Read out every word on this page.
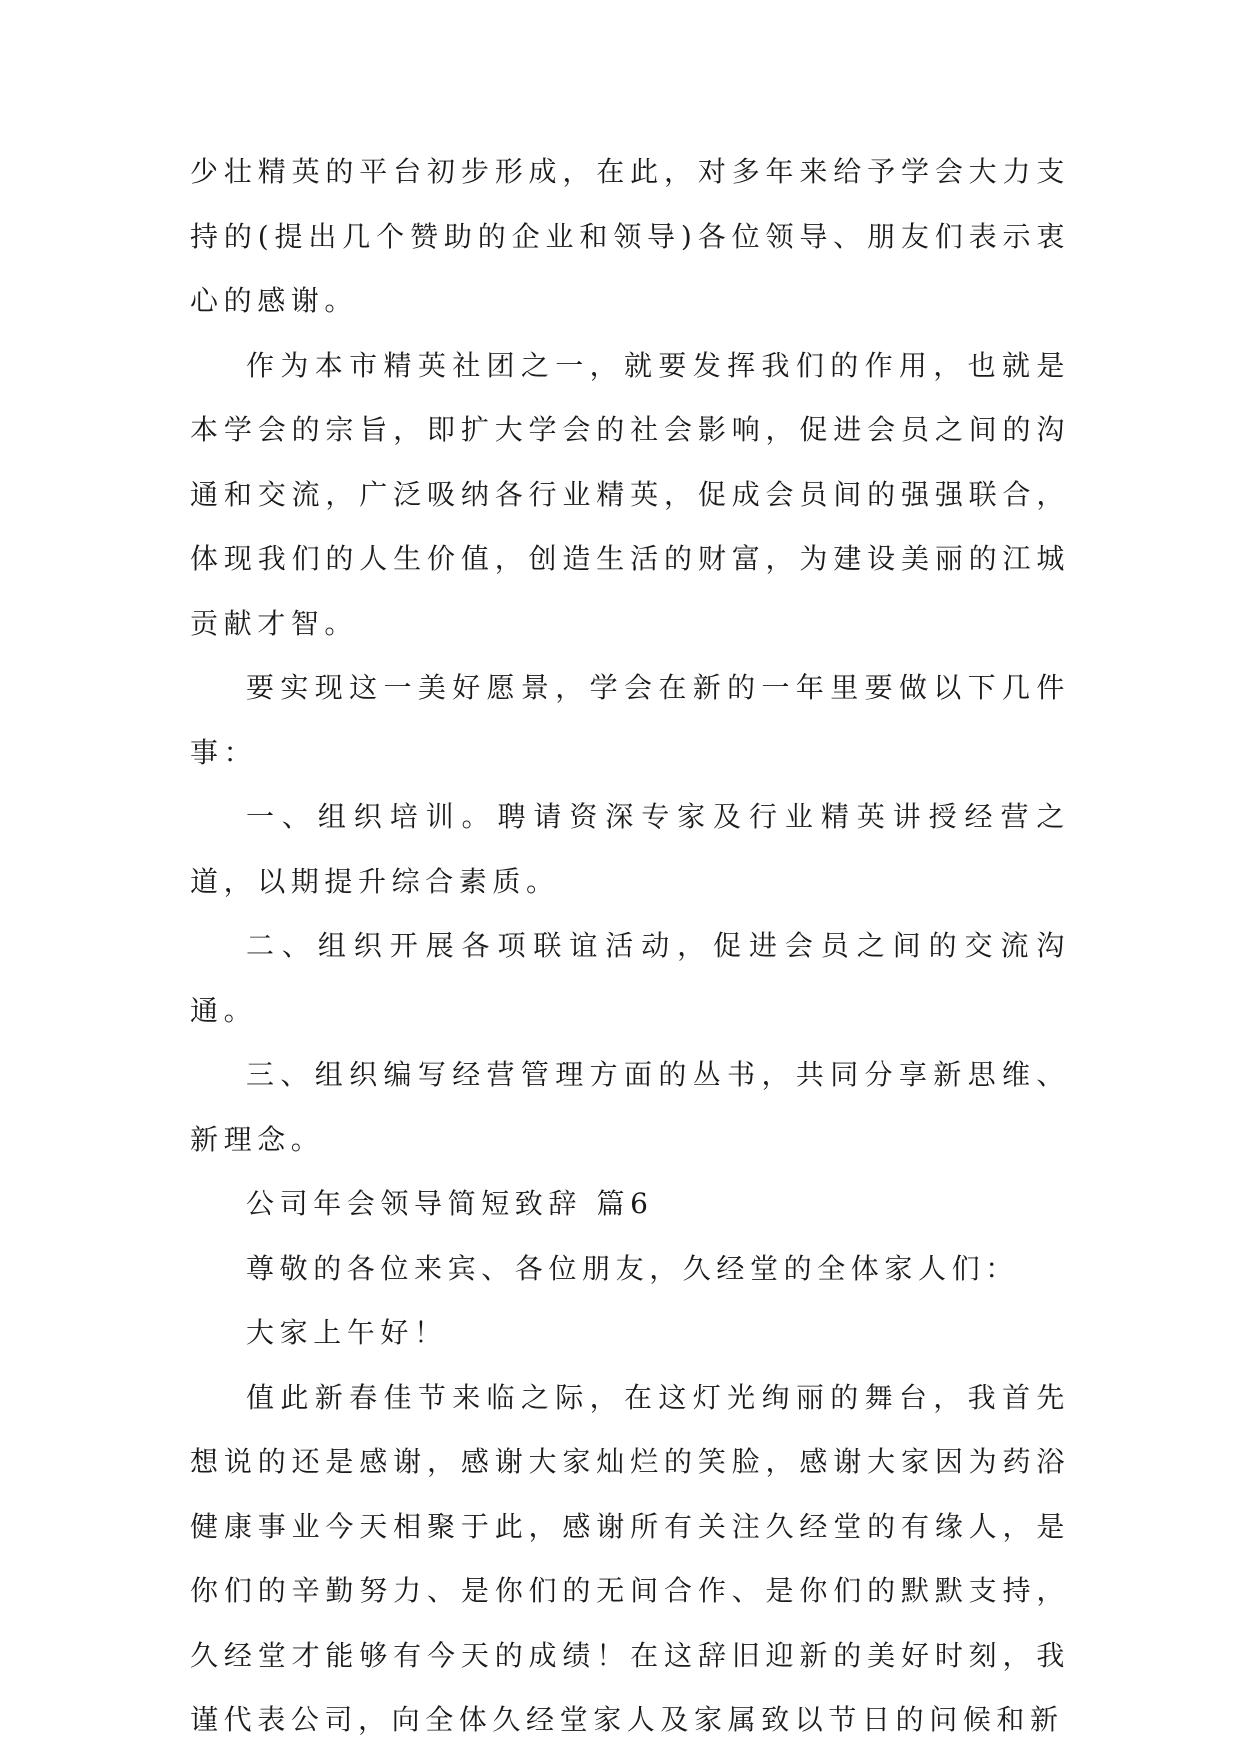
少壮精英的平台初步形成，在此，对多年来给予学会大力支持的(提出几个赞助的企业和领导)各位领导、朋友们表示衷心的感谢。

作为本市精英社团之一，就要发挥我们的作用，也就是本学会的宗旨，即扩大学会的社会影响，促进会员之间的沟通和交流，广泛吸纳各行业精英，促成会员间的强强联合，体现我们的人生价值，创造生活的财富，为建设美丽的江城贡献才智。

要实现这一美好愿景，学会在新的一年里要做以下几件事：

一、组织培训。聘请资深专家及行业精英讲授经营之道，以期提升综合素质。

二、组织开展各项联谊活动，促进会员之间的交流沟通。

三、组织编写经营管理方面的丛书，共同分享新思维、新理念。

公司年会领导简短致辞 篇6

尊敬的各位来宾、各位朋友，久经堂的全体家人们：

大家上午好！

值此新春佳节来临之际，在这灯光绚丽的舞台，我首先想说的还是感谢，感谢大家灿烂的笑脸，感谢大家因为药浴健康事业今天相聚于此，感谢所有关注久经堂的有缘人，是你们的辛勤努力、是你们的无间合作、是你们的默默支持，久经堂才能够有今天的成绩！在这辞旧迎新的美好时刻，我谨代表公司，向全体久经堂家人及家属致以节日的问候和新
